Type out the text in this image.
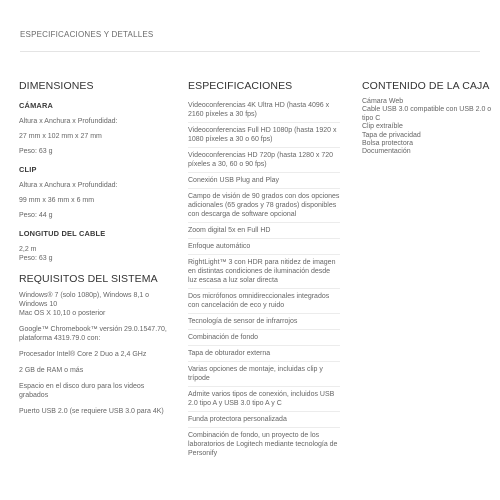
ESPECIFICACIONES Y DETALLES
DIMENSIONES
CÁMARA

Altura x Anchura x Profundidad:

27 mm x 102 mm x 27 mm

Peso: 63 g

CLIP

Altura x Anchura x Profundidad:

99 mm x 36 mm x 6 mm

Peso: 44 g

LONGITUD DEL CABLE

2,2 m

Peso: 63 g

REQUISITOS DEL SISTEMA

Windows® 7 (solo 1080p), Windows 8,1 o Windows 10
Mac OS X 10,10 o posterior

Google™ Chromebook™ versión 29.0.1547.70, plataforma 4319.79.0 con:

Procesador Intel® Core 2 Duo a 2,4 GHz

2 GB de RAM o más

Espacio en el disco duro para los videos grabados

Puerto USB 2.0 (se requiere USB 3.0 para 4K)

ESPECIFICACIONES

Videoconferencias 4K Ultra HD (hasta 4096 x 2160 píxeles a 30 fps)

Videoconferencias Full HD 1080p (hasta 1920 x 1080 píxeles a 30 o 60 fps)

Videoconferencias HD 720p (hasta 1280 x 720 píxeles a 30, 60 o 90 fps)

Conexión USB Plug and Play

Campo de visión de 90 grados con dos opciones adicionales (65 grados y 78 grados) disponibles con descarga de software opcional

Zoom digital 5x en Full HD

Enfoque automático

RightLight™ 3 con HDR para nitidez de imagen en distintas condiciones de iluminación desde luz escasa a luz solar directa

Dos micrófonos omnidireccionales integrados con cancelación de eco y ruido

Tecnología de sensor de infrarrojos

Combinación de fondo

Tapa de obturador externa

Varias opciones de montaje, incluidas clip y trípode

Admite varios tipos de conexión, incluidos USB 2.0 tipo A y USB 3.0 tipo A y C

Funda protectora personalizada

Combinación de fondo, un proyecto de los laboratorios de Logitech mediante tecnología de Personify

CONTENIDO DE LA CAJA
Cámara Web
Cable USB 3.0 compatible con USB 2.0 o tipo C
Clip extraíble
Tapa de privacidad
Bolsa protectora
Documentación
